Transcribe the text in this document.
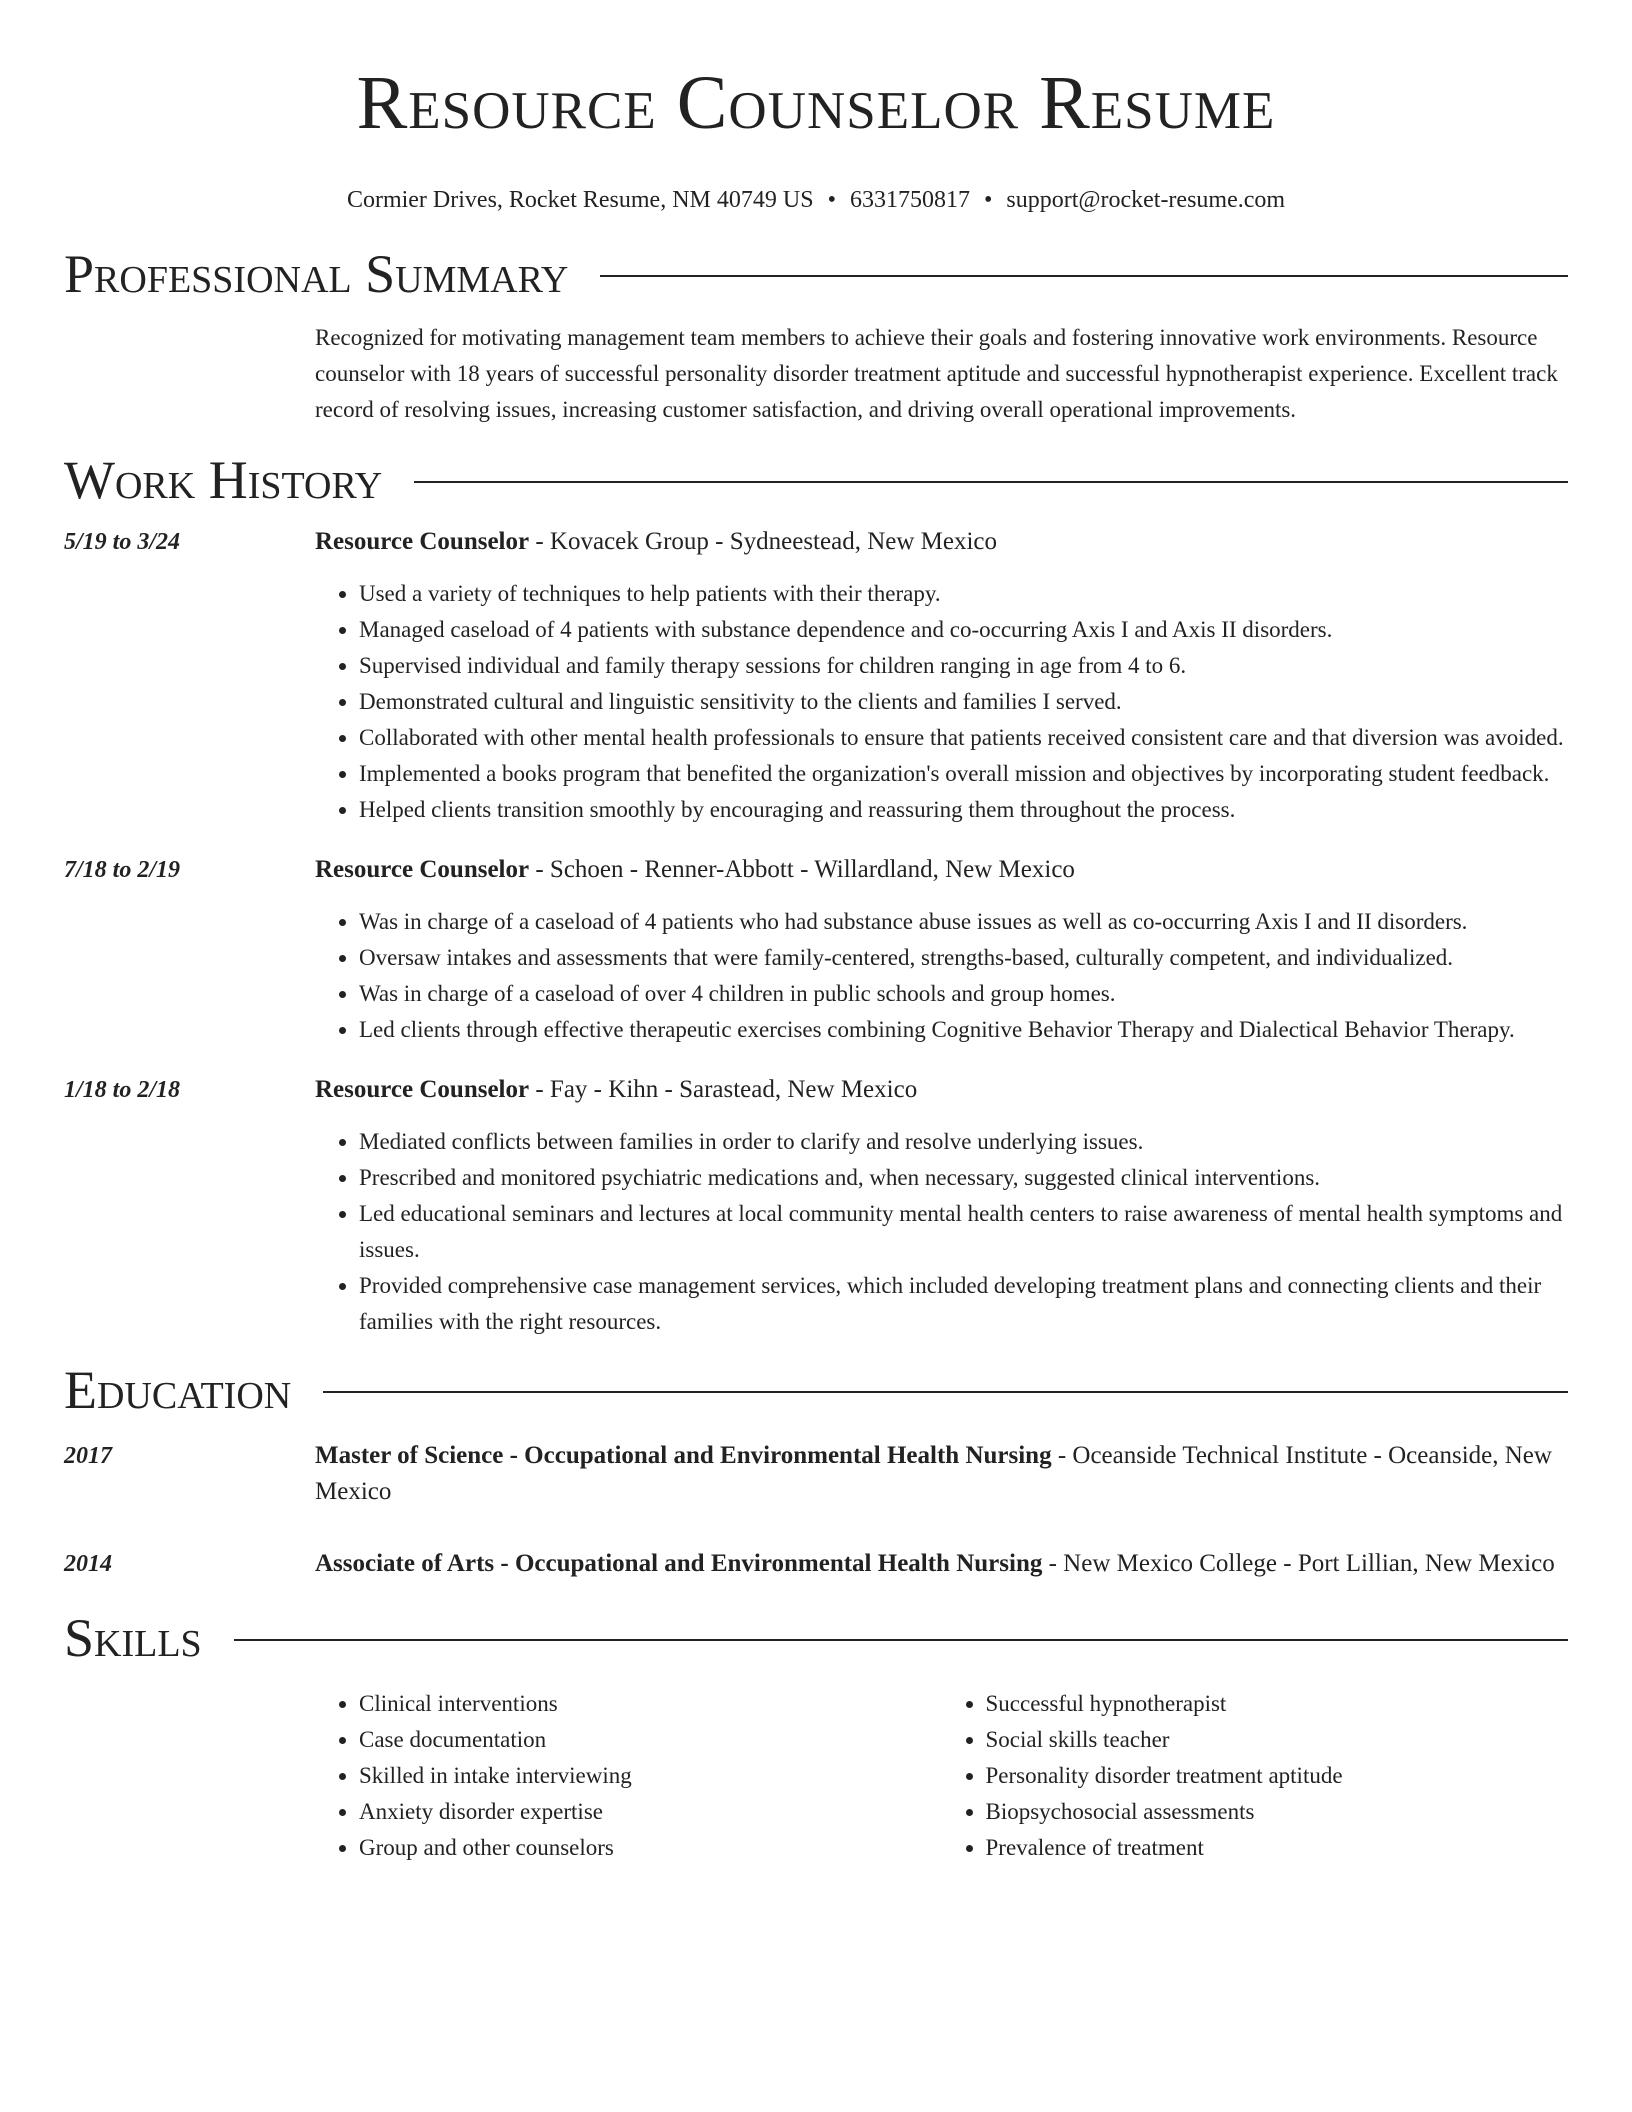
Resource Counselor Resume
Cormier Drives, Rocket Resume, NM 40749 US • 6331750817 • support@rocket-resume.com
Professional Summary
Recognized for motivating management team members to achieve their goals and fostering innovative work environments. Resource counselor with 18 years of successful personality disorder treatment aptitude and successful hypnotherapist experience. Excellent track record of resolving issues, increasing customer satisfaction, and driving overall operational improvements.
Work History
5/19 to 3/24	Resource Counselor - Kovacek Group - Sydneestead, New Mexico
• Used a variety of techniques to help patients with their therapy.
• Managed caseload of 4 patients with substance dependence and co-occurring Axis I and Axis II disorders.
• Supervised individual and family therapy sessions for children ranging in age from 4 to 6.
• Demonstrated cultural and linguistic sensitivity to the clients and families I served.
• Collaborated with other mental health professionals to ensure that patients received consistent care and that diversion was avoided.
• Implemented a books program that benefited the organization's overall mission and objectives by incorporating student feedback.
• Helped clients transition smoothly by encouraging and reassuring them throughout the process.
7/18 to 2/19	Resource Counselor - Schoen - Renner-Abbott - Willardland, New Mexico
• Was in charge of a caseload of 4 patients who had substance abuse issues as well as co-occurring Axis I and II disorders.
• Oversaw intakes and assessments that were family-centered, strengths-based, culturally competent, and individualized.
• Was in charge of a caseload of over 4 children in public schools and group homes.
• Led clients through effective therapeutic exercises combining Cognitive Behavior Therapy and Dialectical Behavior Therapy.
1/18 to 2/18	Resource Counselor - Fay - Kihn - Sarastead, New Mexico
• Mediated conflicts between families in order to clarify and resolve underlying issues.
• Prescribed and monitored psychiatric medications and, when necessary, suggested clinical interventions.
• Led educational seminars and lectures at local community mental health centers to raise awareness of mental health symptoms and issues.
• Provided comprehensive case management services, which included developing treatment plans and connecting clients and their families with the right resources.
Education
2017	Master of Science - Occupational and Environmental Health Nursing - Oceanside Technical Institute - Oceanside, New Mexico
2014	Associate of Arts - Occupational and Environmental Health Nursing - New Mexico College - Port Lillian, New Mexico
Skills
• Clinical interventions
• Case documentation
• Skilled in intake interviewing
• Anxiety disorder expertise
• Group and other counselors
• Successful hypnotherapist
• Social skills teacher
• Personality disorder treatment aptitude
• Biopsychosocial assessments
• Prevalence of treatment
